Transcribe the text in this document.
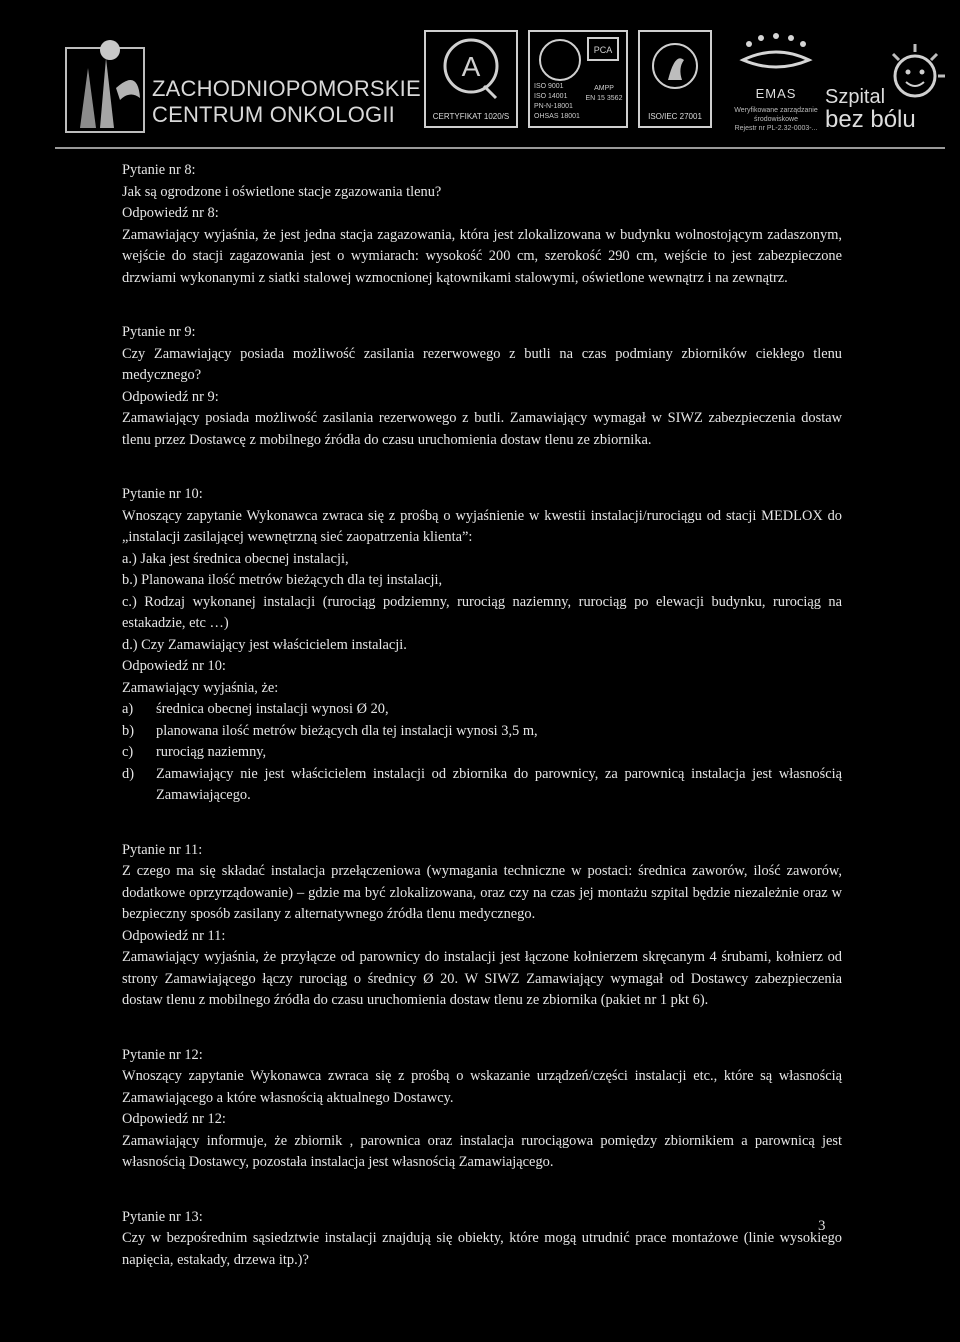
ZACHODNIOPOMORSKIE
CENTRUM ONKOLOGII
A
CERTYFIKAT 1020/S
PCA
ISO 9001
ISO 14001
PN-N-18001
OHSAS 18001
AMPP
EN 15 3562
ISO/IEC 27001
EMAS
Weryfikowane zarządzanie
środowiskowe
Rejestr nr PL-2.32-0003-...
Szpital
bez bólu
Pytanie nr 8:

Jak są ogrodzone i oświetlone stacje zgazowania tlenu?

Odpowiedź nr 8:

Zamawiający wyjaśnia, że jest jedna stacja zagazowania, która jest zlokalizowana w budynku wolnostojącym zadaszonym, wejście do stacji zagazowania jest o wymiarach: wysokość 200 cm, szerokość 290 cm, wejście to jest zabezpieczone drzwiami wykonanymi z siatki stalowej wzmocnionej kątownikami stalowymi, oświetlone wewnątrz i na zewnątrz.

Pytanie nr 9:

Czy Zamawiający posiada możliwość zasilania rezerwowego z butli na czas podmiany zbiorników ciekłego tlenu medycznego?

Odpowiedź nr 9:

Zamawiający posiada możliwość zasilania rezerwowego z butli. Zamawiający wymagał w SIWZ zabezpieczenia dostaw tlenu przez Dostawcę z mobilnego źródła do czasu uruchomienia dostaw tlenu ze zbiornika.

Pytanie nr 10:

Wnoszący zapytanie Wykonawca zwraca się z prośbą o wyjaśnienie w kwestii instalacji/rurociągu od stacji MEDLOX do „instalacji zasilającej wewnętrzną sieć zaopatrzenia klienta”:

a.) Jaka jest średnica obecnej instalacji,

b.) Planowana ilość metrów bieżących dla tej instalacji,

c.) Rodzaj wykonanej instalacji (rurociąg podziemny, rurociąg naziemny, rurociąg po elewacji budynku, rurociąg na estakadzie, etc …)

d.) Czy Zamawiający jest właścicielem instalacji.

Odpowiedź nr 10:

Zamawiający wyjaśnia, że:

a)	średnica obecnej instalacji wynosi Ø 20,
b)	planowana ilość metrów bieżących dla tej instalacji wynosi 3,5 m,
c)	rurociąg naziemny,
d)	Zamawiający nie jest właścicielem instalacji od zbiornika do parownicy, za parownicą instalacja jest własnością Zamawiającego.
Pytanie nr 11:

Z czego ma się składać instalacja przełączeniowa (wymagania techniczne w postaci: średnica zaworów, ilość zaworów, dodatkowe oprzyrządowanie) – gdzie ma być zlokalizowana, oraz czy na czas jej montażu szpital będzie niezależnie oraz w bezpieczny sposób zasilany z alternatywnego źródła tlenu medycznego.

Odpowiedź nr 11:

Zamawiający wyjaśnia, że przyłącze od parownicy do instalacji jest łączone kołnierzem skręcanym 4 śrubami, kołnierz od strony Zamawiającego łączy rurociąg o średnicy Ø 20. W SIWZ Zamawiający wymagał od Dostawcy zabezpieczenia dostaw tlenu z mobilnego źródła do czasu uruchomienia dostaw tlenu ze zbiornika (pakiet nr 1 pkt 6).

Pytanie nr 12:

Wnoszący zapytanie Wykonawca zwraca się z prośbą o wskazanie urządzeń/części instalacji etc., które są własnością Zamawiającego a które własnością aktualnego Dostawcy.

Odpowiedź nr 12:

Zamawiający informuje, że zbiornik , parownica oraz instalacja rurociągowa pomiędzy zbiornikiem a parownicą jest własnością Dostawcy, pozostała instalacja jest własnością Zamawiającego.

Pytanie nr 13:

Czy w bezpośrednim sąsiedztwie instalacji znajdują się obiekty, które mogą utrudnić prace montażowe (linie wysokiego napięcia, estakady, drzewa itp.)?

3
